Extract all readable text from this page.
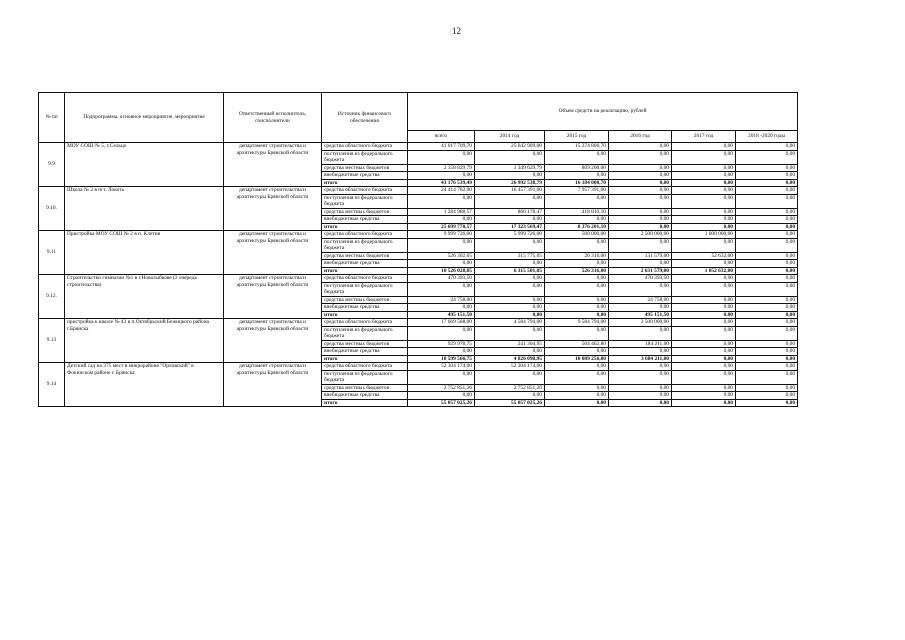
12
№ пп	Подпрограмма, основное мероприятие, мероприятие	Ответственный исполнитель, соисполнители	Источник финансового обеспечения	Объем средств на реализацию, рублей					
				всего	2014 год	2015 год	2016 год	2017 год	2018 -2020 годы
9.9	МОУ СОШ № 5, г.Сельцо	департамент строительства и архитектуры Брянской области	средства областного бюджета	41 017 709,70	25 642 909,00	15 374 800,70	0,00	0,00	0,00
			поступления из федерального бюджета	0,00	0,00	0,00	0,00	0,00	0,00
			средства местных бюджетов	2 158 829,79	1 349 629,79	809 200,00	0,00	0,00	0,00
			внебюджетные средства	0,00	0,00	0,00	0,00	0,00	0,00
			итого	43 176 539,49	26 992 538,79	16 184 000,70	0,00	0,00	0,00
9.10.	Школа № 2 в пгт. Локоть	департамент строительства и архитектуры Брянской области	средства областного бюджета	24 414 782,00	16 457 391,00	7 957 391,00	0,00	0,00	0,00
			поступления из федерального бюджета	0,00	0,00	0,00	0,00	0,00	0,00
			средства местных бюджетов	1 284 988,57	866 178,47	418 810,10	0,00	0,00	0,00
			внебюджетные средства	0,00	0,00	0,00	0,00	0,00	0,00
			итого	25 699 770,57	17 323 569,47	8 376 201,10	0,00	0,00	0,00
9.11	Пристройка МОУ СОШ № 2 в п. Клетня	департамент строительства и архитектуры Брянской области	средства областного бюджета	9 999 726,00	5 999 726,00	500 000,00	2 500 000,00	1 000 000,00	0,00
			поступления из федерального бюджета	0,00	0,00	0,00	0,00	0,00	0,00
			средства местных бюджетов	526 302,05	315 775,05	26 316,00	131 579,00	52 632,00	0,00
			внебюджетные средства	0,00	0,00	0,00	0,00	0,00	0,00
			итого	10 526 028,05	6 315 501,05	526 316,00	2 631 579,00	1 052 632,00	0,00
9.12.	Строительство гимназии №1 в г.Новозыбкове (2 очередь строительства)	департамент строительства и архитектуры Брянской области	средства областного бюджета	470 393,50	0,00	0,00	470 393,50	0,00	0,00
			поступления из федерального бюджета	0,00	0,00	0,00	0,00	0,00	0,00
			средства местных бюджетов	24 758,00	0,00	0,00	24 758,00	0,00	0,00
			внебюджетные средства	0,00	0,00	0,00	0,00	0,00	0,00
			итого	495 151,50	0,00	0,00	495 151,50	0,00	0,00
9.13	пристройка к школе № 43 в п.Октябрьский Бежицкого района г.Брянска	департамент строительства и архитектуры Брянской области	средства областного бюджета	17 669 588,00	4 584 794,00	9 584 794,00	3 500 000,00	0,00	0,00
			поступления из федерального бюджета	0,00	0,00	0,00	0,00	0,00	0,00
			средства местных бюджетов	929 978,75	241 304,95	504 462,80	184 211,00	0,00	0,00
			внебюджетные средства	0,00	0,00	0,00	0,00	0,00	0,00
			итого	18 599 566,75	4 826 098,95	10 089 256,80	3 684 211,00	0,00	0,00
9.14	Детский сад на 375 мест в микрорайоне "Орловский" в Фокинском районе г. Брянска	департамент строительства и архитектуры Брянской области	средства областного бюджета	52 304 174,00	52 304 174,00	0,00	0,00	0,00	0,00
			поступления из федерального бюджета	0,00	0,00	0,00	0,00	0,00	0,00
			средства местных бюджетов	2 752 851,26	2 752 851,26	0,00	0,00	0,00	0,00
			внебюджетные средства	0,00	0,00	0,00	0,00	0,00	0,00
			итого	55 057 025,26	55 057 025,26	0,00	0,00	0,00	0,00
